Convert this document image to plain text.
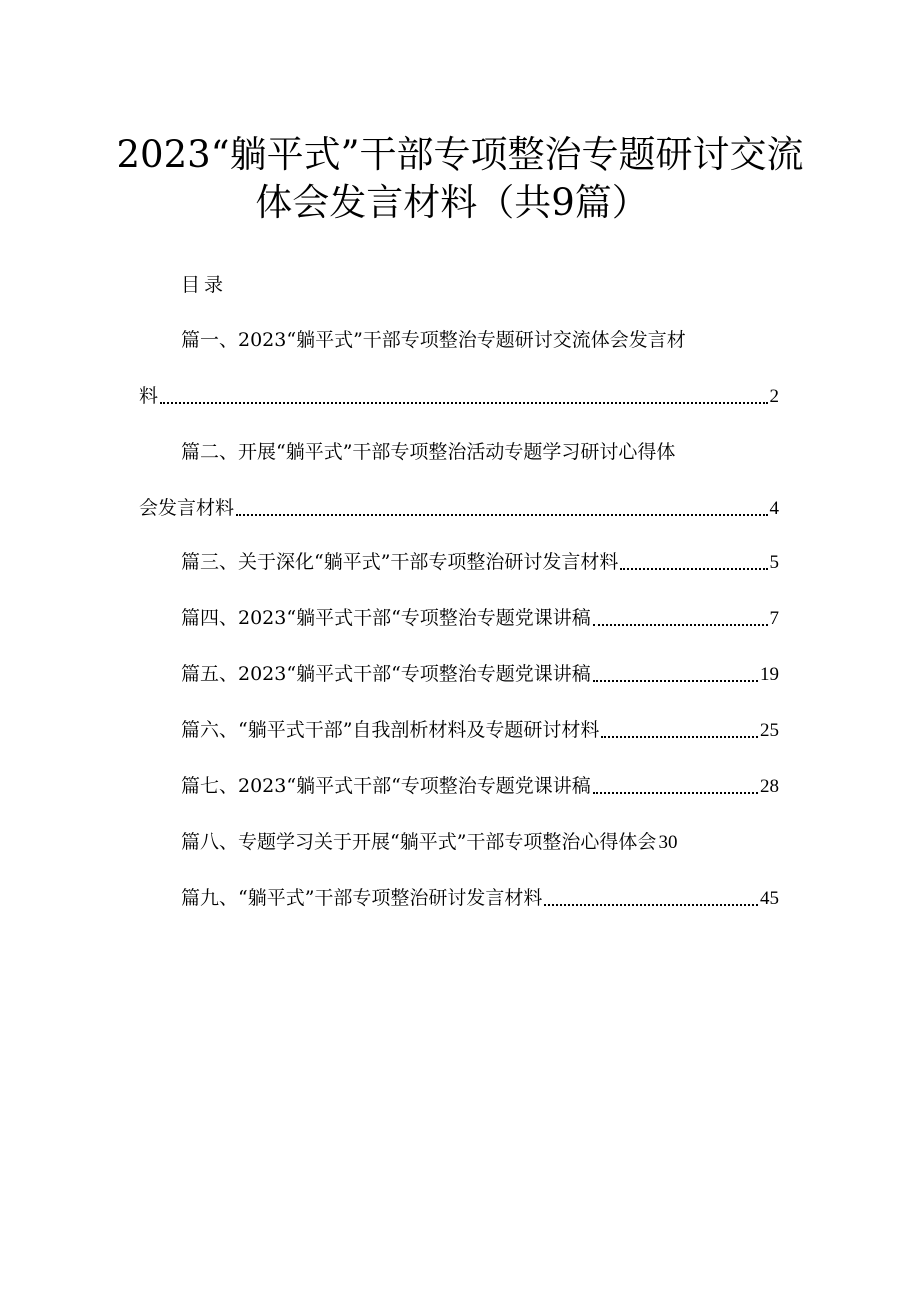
2023“躺平式”干部专项整治专题研讨交流
体会发言材料（共9篇）
目录
篇一、2023“躺平式”干部专项整治专题研讨交流体会发言材
料	2
篇二、开展“躺平式”干部专项整治活动专题学习研讨心得体
会发言材料	4
篇三、关于深化“躺平式”干部专项整治研讨发言材料	5
篇四、2023“躺平式干部“专项整治专题党课讲稿	7
篇五、2023“躺平式干部“专项整治专题党课讲稿	19
篇六、“躺平式干部”自我剖析材料及专题研讨材料	25
篇七、2023“躺平式干部“专项整治专题党课讲稿	28
篇八、专题学习关于开展“躺平式”干部专项整治心得体会 30
篇九、“躺平式”干部专项整治研讨发言材料	45
